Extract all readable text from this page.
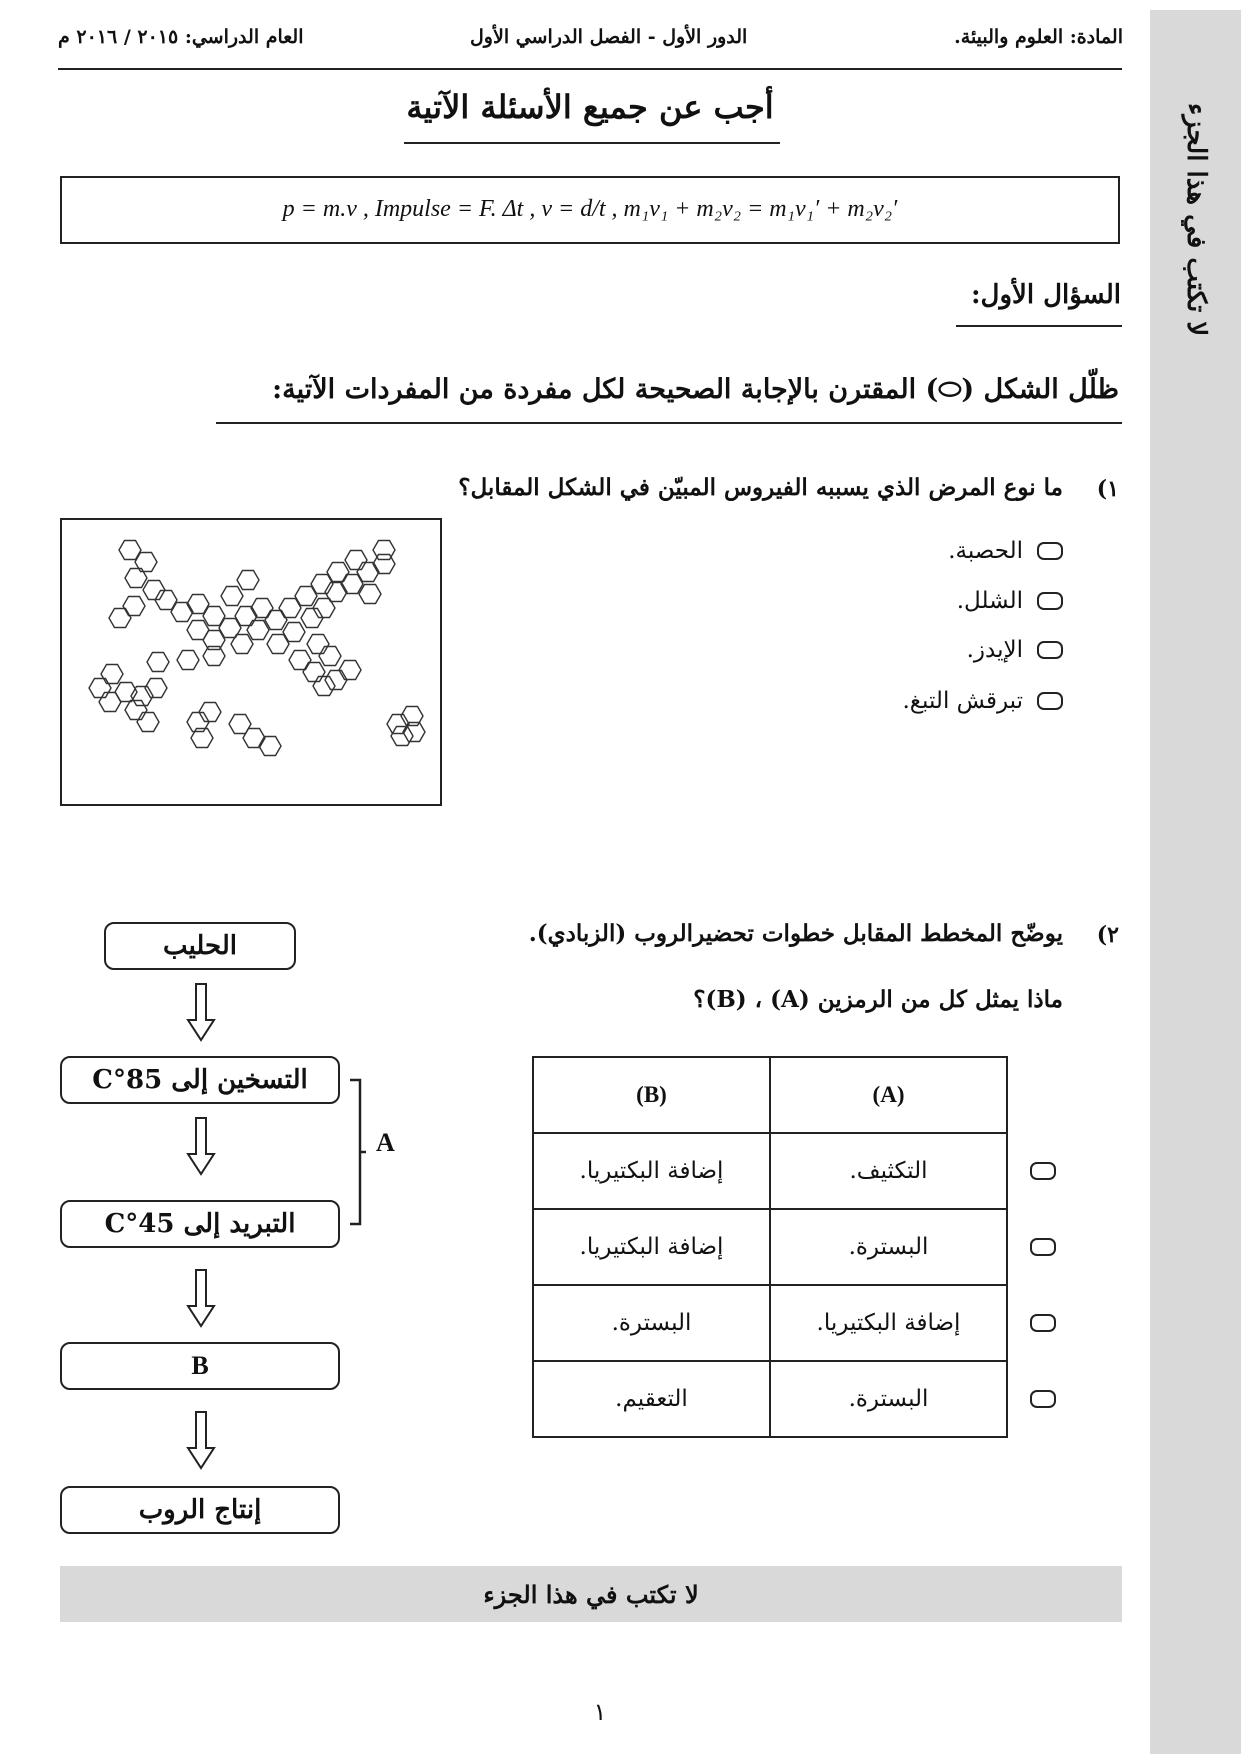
لا تكتب في هذا الجزء
المادة: العلوم والبيئة.
الدور الأول - الفصل الدراسي الأول
العام الدراسي: ٢٠١٥ / ٢٠١٦ م
أجب عن جميع الأسئلة الآتية
p = m.v , Impulse = F. Δt , v = d/t , m₁v₁ + m₂v₂ = m₁v₁′ + m₂v₂′
السؤال الأول:
ظلّل الشكل (⬭) المقترن بالإجابة الصحيحة لكل مفردة من المفردات الآتية:
١)
ما نوع المرض الذي يسببه الفيروس المبيّن في الشكل المقابل؟
الحصبة.
الشلل.
الإيدز.
تبرقش التبغ.
٢)
يوضّح المخطط المقابل خطوات تحضيرالروب (الزبادي).
ماذا يمثل كل من الرمزين (A) ، (B)؟
(A)	(B)
التكثيف.	إضافة البكتيريا.
البسترة.	إضافة البكتيريا.
إضافة البكتيريا.	البسترة.
البسترة.	التعقيم.
الحليب
التسخين إلى 85°C
التبريد إلى 45°C
B
إنتاج الروب
A
لا تكتب في هذا الجزء
١
